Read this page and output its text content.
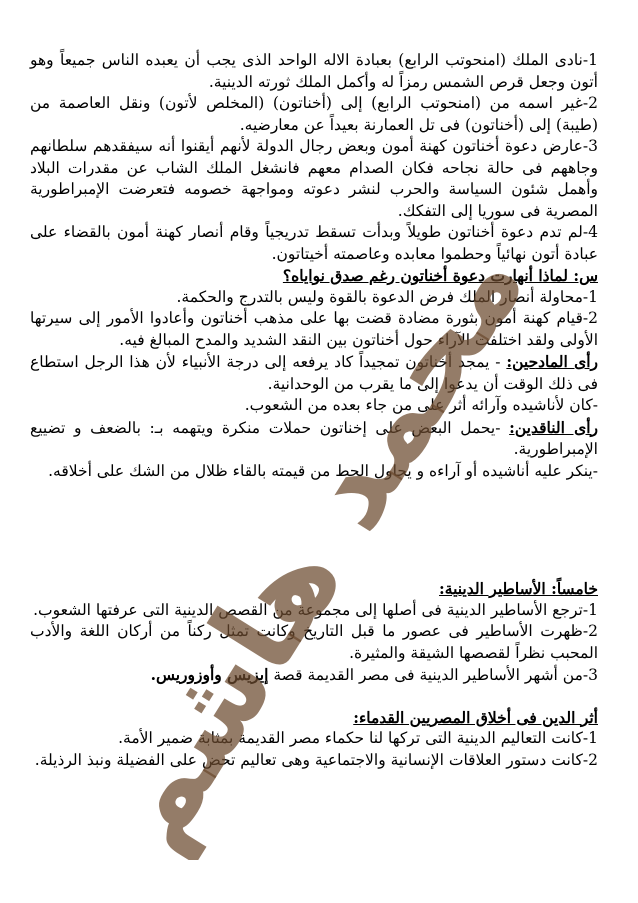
1-نادى الملك (امنحوتب الرابع) بعبادة الاله الواحد الذى يجب أن يعبده الناس جميعاً وهو أتون وجعل قرص الشمس رمزاً له وأكمل الملك ثورته الدينية.

2-غير اسمه من (امنحوتب الرابع) إلى (أخناتون) (المخلص لأتون) ونقل العاصمة من (طيبة) إلى (أخناتون) فى تل العمارنة بعيداً عن معارضيه.

3-عارض دعوة أخناتون كهنة أمون وبعض رجال الدولة لأنهم أيقنوا أنه سيفقدهم سلطانهم وجاههم فى حالة نجاحه فكان الصدام معهم فانشغل الملك الشاب عن مقدرات البلاد وأهمل شئون السياسة والحرب لنشر دعوته ومواجهة خصومه فتعرضت الإمبراطورية المصرية فى سوريا إلى التفكك.

4-لم تدم دعوة أخناتون طويلاً وبدأت تسقط تدريجياً وقام أنصار كهنة أمون بالقضاء على عبادة أتون نهائياً وحطموا معابده وعاصمته أخيتاتون.

س: لماذا أنهارت دعوة أخناتون رغم صدق نواياه؟

1-محاولة أنصار الملك فرض الدعوة بالقوة وليس بالتدرج والحكمة.

2-قيام كهنة أمون بثورة مضادة قضت بها على مذهب أخناتون وأعادوا الأمور إلى سيرتها الأولى ولقد اختلفت الآراء حول أخناتون بين النقد الشديد والمدح المبالغ فيه.

رأى المادحين: - يمجد أخناتون تمجيداً كاد يرفعه إلى درجة الأنبياء لأن هذا الرجل استطاع فى ذلك الوقت أن يدعوا إلى ما يقرب من الوحدانية.

-كان لأناشيده وآرائه أثر على من جاء بعده من الشعوب.

رأى الناقدين: -يحمل البعض على إخناتون حملات منكرة ويتهمه بـ: بالضعف و تضييع الإمبراطورية.

-ينكر عليه أناشيده أو آراءه و يحاول الحط من قيمته بالقاء ظلال من الشك على أخلاقه.

خامساً: الأساطير الدينية:

1-ترجع الأساطير الدينية فى أصلها إلى مجموعة من القصص الدينية التى عرفتها الشعوب.

2-ظهرت الأساطير فى عصور ما قبل التاريخ وكانت تمثل ركناً من أركان اللغة والأدب المحبب نظراً لقصصها الشيقة والمثيرة.

3-من أشهر الأساطير الدينية فى مصر القديمة قصة إيزيس وأوزوريس.

أثر الدين فى أخلاق المصريين القدماء:

1-كانت التعاليم الدينية التى تركها لنا حكماء مصر القديمة بمثابة ضمير الأمة.

2-كانت دستور العلاقات الإنسانية والاجتماعية وهى تعاليم تحض على الفضيلة ونبذ الرذيلة.

محمد هاشم
